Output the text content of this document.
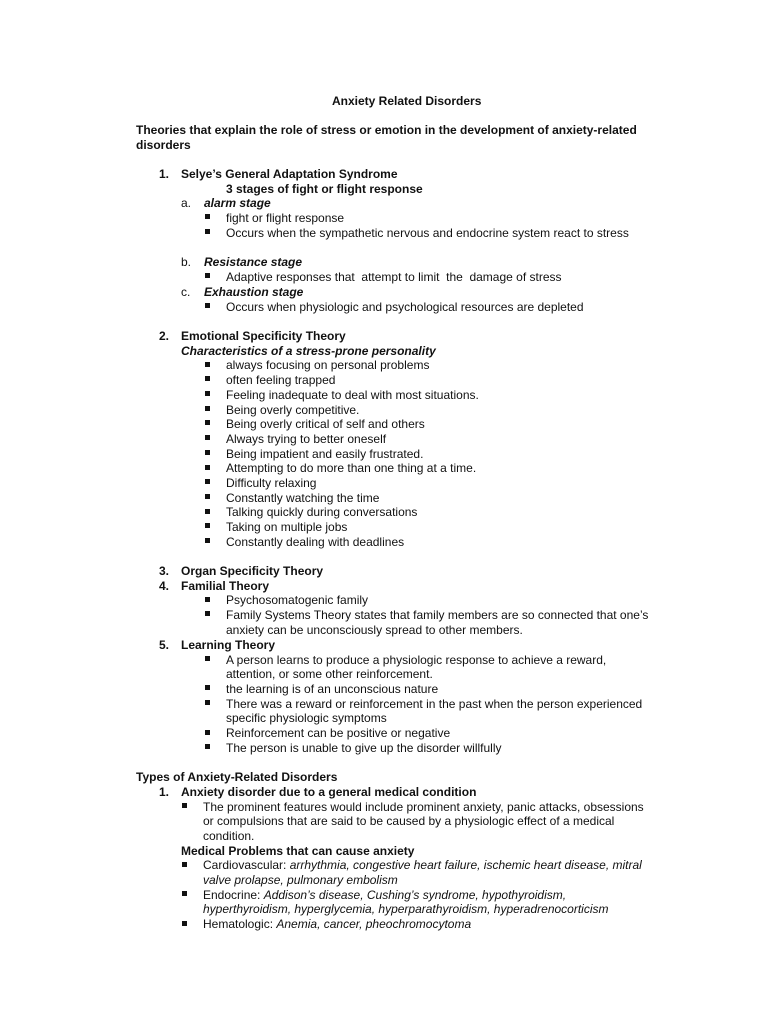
Anxiety Related Disorders
Theories that explain the role of stress or emotion in the development of anxiety-related
disorders
1. Selye’s General Adaptation Syndrome
3 stages of fight or flight response
a. alarm stage
fight or flight response
Occurs when the sympathetic nervous and endocrine system react to stress
b. Resistance stage
Adaptive responses that  attempt to limit  the  damage of stress
c. Exhaustion stage
Occurs when physiologic and psychological resources are depleted
2. Emotional Specificity Theory
Characteristics of a stress-prone personality
always focusing on personal problems
often feeling trapped
Feeling inadequate to deal with most situations.
Being overly competitive.
Being overly critical of self and others
Always trying to better oneself
Being impatient and easily frustrated.
Attempting to do more than one thing at a time.
Difficulty relaxing
Constantly watching the time
Talking quickly during conversations
Taking on multiple jobs
Constantly dealing with deadlines
3. Organ Specificity Theory
4. Familial Theory
Psychosomatogenic family
Family Systems Theory states that family members are so connected that one’s
anxiety can be unconsciously spread to other members.
5. Learning Theory
A person learns to produce a physiologic response to achieve a reward,
attention, or some other reinforcement.
the learning is of an unconscious nature
There was a reward or reinforcement in the past when the person experienced
specific physiologic symptoms
Reinforcement can be positive or negative
The person is unable to give up the disorder willfully
Types of Anxiety-Related Disorders
1. Anxiety disorder due to a general medical condition
The prominent features would include prominent anxiety, panic attacks, obsessions
or compulsions that are said to be caused by a physiologic effect of a medical
condition.
Medical Problems that can cause anxiety
Cardiovascular: arrhythmia, congestive heart failure, ischemic heart disease, mitral
valve prolapse, pulmonary embolism
Endocrine: Addison’s disease, Cushing’s syndrome, hypothyroidism,
hyperthyroidism, hyperglycemia, hyperparathyroidism, hyperadrenocorticism
Hematologic: Anemia, cancer, pheochromocytoma
